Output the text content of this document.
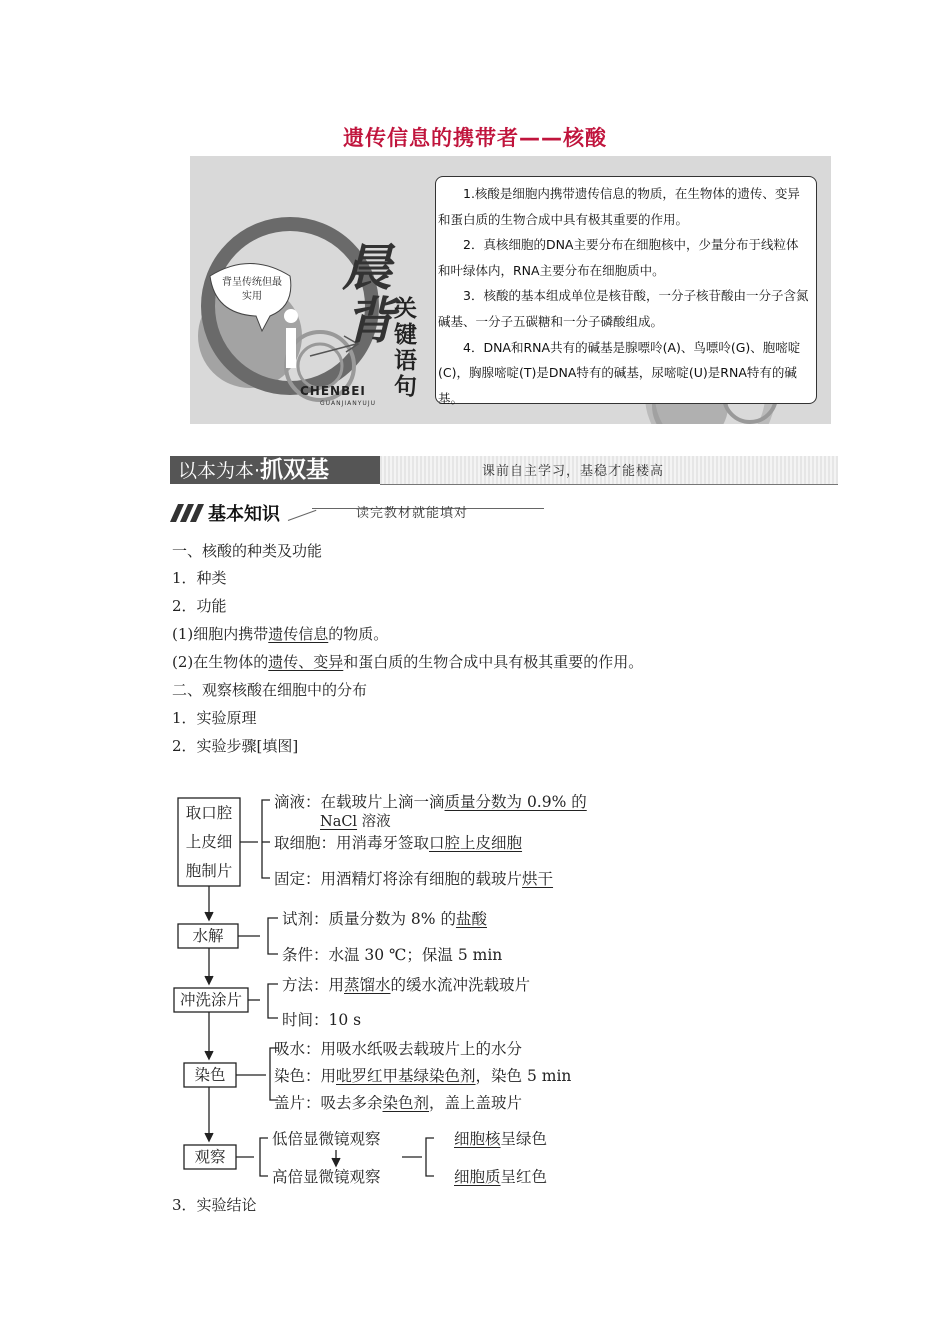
遗传信息的携带者——核酸
背呈传统但最实用	晨
背 关
键
语
句
CHENBEI
GUANJIANYUJU

1.核酸是细胞内携带遗传信息的物质，在生物体的遗传、变异和蛋白质的生物合成中具有极其重要的作用。

2．真核细胞的DNA主要分布在细胞核中，少量分布于线粒体和叶绿体内，RNA主要分布在细胞质中。

3．核酸的基本组成单位是核苷酸，一分子核苷酸由一分子含氮碱基、一分子五碳糖和一分子磷酸组成。

4．DNA和RNA共有的碱基是腺嘌呤(A)、鸟嘌呤(G)、胞嘧啶(C)，胸腺嘧啶(T)是DNA特有的碱基，尿嘧啶(U)是RNA特有的碱基。

以本为本·抓双基	课前自主学习，基稳才能楼高
基本知识	读完教材就能填对
一、核酸的种类及功能
1．种类
2．功能
(1)细胞内携带遗传信息的物质。
(2)在生物体的遗传、变异和蛋白质的生物合成中具有极其重要的作用。
二、观察核酸在细胞中的分布
1．实验原理
2．实验步骤[填图]
3．实验结论
取口腔
上皮细
胞制片
滴液：在载玻片上滴一滴质量分数为 0.9% 的
NaCl 溶液
取细胞：用消毒牙签取口腔上皮细胞
固定：用酒精灯将涂有细胞的载玻片烘干
水解
试剂：质量分数为 8% 的盐酸
条件：水温 30 ℃；保温 5 min
冲洗涂片
方法：用蒸馏水的缓水流冲洗载玻片
时间：10 s
染色
吸水：用吸水纸吸去载玻片上的水分
染色：用吡罗红甲基绿染色剂，染色 5 min
盖片：吸去多余染色剂，盖上盖玻片
观察
低倍显微镜观察
高倍显微镜观察
细胞核呈绿色
细胞质呈红色
